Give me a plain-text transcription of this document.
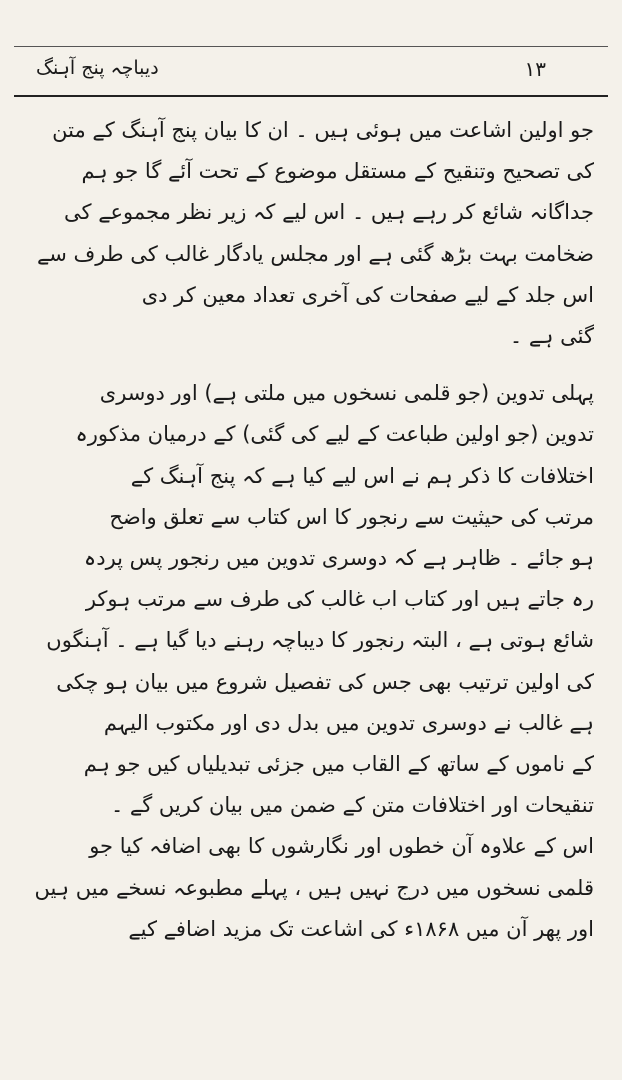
دیباچہ پنج آہنگ	۱۳

جو اولین اشاعت میں ہوئی ہیں ۔ ان کا بیان پنج آہنگ کے متن

کی تصحیح وتنقیح کے مستقل موضوع کے تحت آئے گا جو ہم

جداگانہ شائع کر رہے ہیں ۔ اس لیے کہ زیر نظر مجموعے کی

ضخامت بہت بڑھ گئی ہے اور مجلس یادگار غالب کی طرف سے

اس جلد کے لیے صفحات کی آخری تعداد معین کر دی

گئی ہے ۔

پہلی تدوین (جو قلمی نسخوں میں ملتی ہے) اور دوسری

تدوین (جو اولین طباعت کے لیے کی گئی) کے درمیان مذکورہ

اختلافات کا ذکر ہم نے اس لیے کیا ہے کہ پنج آہنگ کے

مرتب کی حیثیت سے رنجور کا اس کتاب سے تعلق واضح

ہو جائے ۔ ظاہر ہے کہ دوسری تدوین میں رنجور پس پردہ

رہ جاتے ہیں اور کتاب اب غالب کی طرف سے مرتب ہوکر

شائع ہوتی ہے ، البتہ رنجور کا دیباچہ رہنے دیا گیا ہے ۔ آہنگوں

کی اولین ترتیب بھی جس کی تفصیل شروع میں بیان ہو چکی

ہے غالب نے دوسری تدوین میں بدل دی اور مکتوب الیہم

کے ناموں کے ساتھ کے القاب میں جزئی تبدیلیاں کیں جو ہم

تنقیحات اور اختلافات متن کے ضمن میں بیان کریں گے ۔

اس کے علاوہ آن خطوں اور نگارشوں کا بھی اضافہ کیا جو

قلمی نسخوں میں درج نہیں ہیں ، پہلے مطبوعہ نسخے میں ہیں

اور پھر آن میں ۱۸۶۸ء کی اشاعت تک مزید اضافے کیے
